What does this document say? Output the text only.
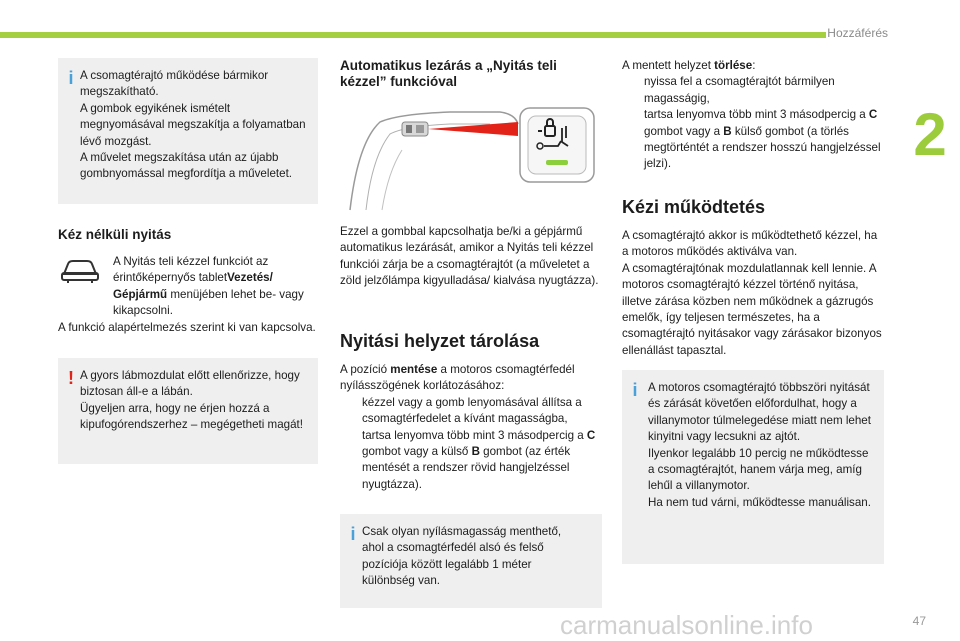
Hozzáférés
2
carmanualsonline.info	47
i A csomagtérajtó működése bármikor megszakítható.

A gombok egyikének ismételt megnyomásával megszakítja a folyamatban lévő mozgást.

A művelet megszakítása után az újabb gombnyomással megfordítja a műveletet.

Kéz nélküli nyitás
A Nyitás teli kézzel funkciót az érintőképernyős tabletVezetés/ Gépjármű menüjében lehet be- vagy kikapcsolni.
A funkció alapértelmezés szerint ki van kapcsolva.
! A gyors lábmozdulat előtt ellenőrizze, hogy biztosan áll-e a lábán.

Ügyeljen arra, hogy ne érjen hozzá a kipufogórendszerhez – megégetheti magát!

Automatikus lezárás a „Nyitás teli kézzel” funkcióval
Ezzel a gombbal kapcsolhatja be/ki a gépjármű automatikus lezárását, amikor a Nyitás teli kézzel funkciói zárja be a csomagtérajtót (a műveletet a zöld jelzőlámpa kigyulladása/ kialvása nyugtázza).
Nyitási helyzet tárolása

A pozíció mentése a motoros csomagtérfedél nyílásszögének korlátozásához:

kézzel vagy a gomb lenyomásával állítsa a csomagtérfedelet a kívánt magasságba,
tartsa lenyomva több mint 3 másodpercig a C gombot vagy a külső B gombot (az érték mentését a rendszer rövid hangjelzéssel nyugtázza).
i Csak olyan nyílásmagasság menthető, ahol a csomagtérfedél alsó és felső pozíciója között legalább 1 méter különbség van.

A mentett helyzet törlése:

nyissa fel a csomagtérajtót bármilyen magasságig,
tartsa lenyomva több mint 3 másodpercig a C gombot vagy a B külső gombot (a törlés megtörténtét a rendszer hosszú hangjelzéssel jelzi).
Kézi működtetés

A csomagtérajtó akkor is működtethető kézzel, ha a motoros működés aktiválva van.

A csomagtérajtónak mozdulatlannak kell lennie. A motoros csomagtérajtó kézzel történő nyitása, illetve zárása közben nem működnek a gázrugós emelők, így teljesen természetes, ha a csomagtérajtó nyitásakor vagy zárásakor bizonyos ellenállást tapasztal.

i A motoros csomagtérajtó többszöri nyitását és zárását követően előfordulhat, hogy a villanymotor túlmelegedése miatt nem lehet kinyitni vagy lecsukni az ajtót.

Ilyenkor legalább 10 percig ne működtesse a csomagtérajtót, hanem várja meg, amíg lehűl a villanymotor.

Ha nem tud várni, működtesse manuálisan.
